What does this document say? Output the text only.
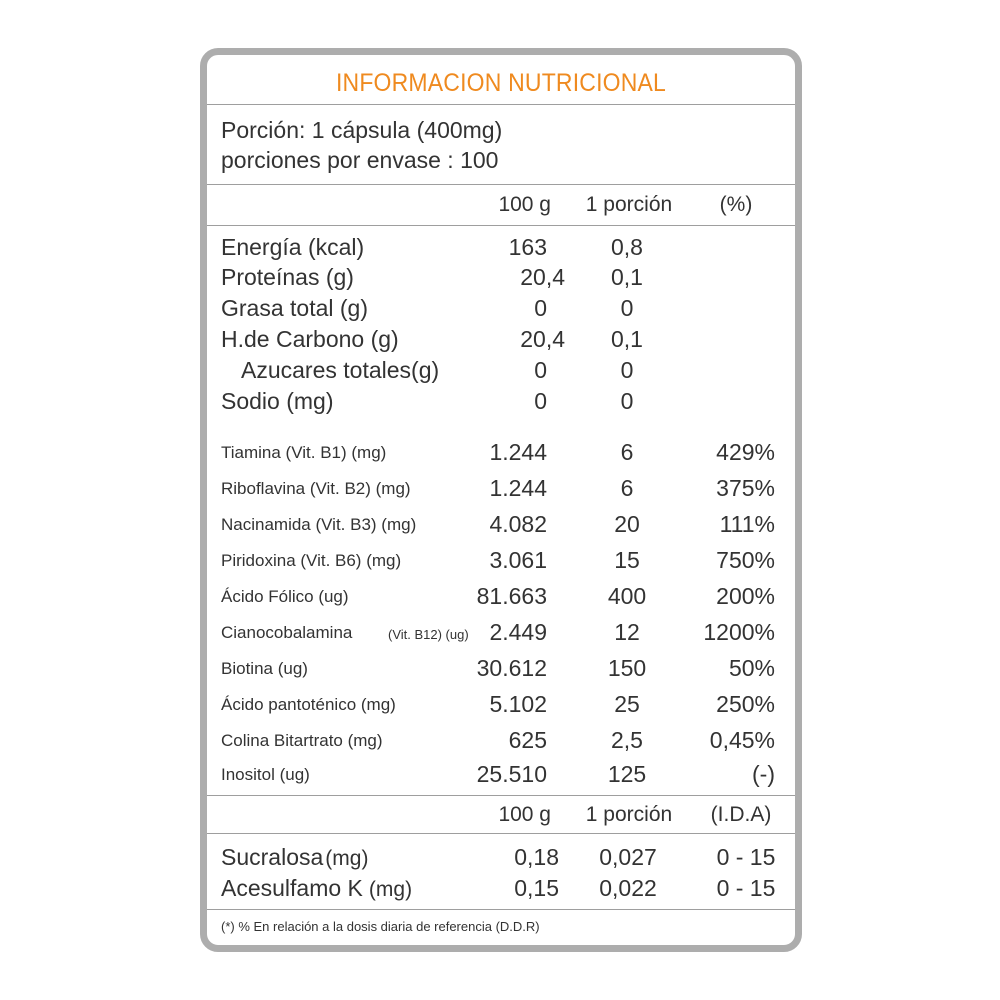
INFORMACION NUTRICIONAL
Porción: 1 cápsula (400mg)
porciones por envase : 100
100 g	1 porción	(%)
Energía (kcal)	163	0,8
Proteínas (g)	20,4	0,1
Grasa total (g)	0	0
H.de Carbono (g)	20,4	0,1
Azucares totales(g)	0	0
Sodio (mg)	0	0
Tiamina (Vit. B1) (mg)	1.244	6	429%
Riboflavina (Vit. B2) (mg)	1.244	6	375%
Nacinamida (Vit. B3) (mg)	4.082	20	111%
Piridoxina (Vit. B6) (mg)	3.061	15	750%
Ácido Fólico (ug)	81.663	400	200%
Cianocobalamina	(Vit. B12) (ug) 2.449	12	1200%
Biotina (ug)	30.612	150	50%
Ácido pantoténico (mg)	5.102	25	250%
Colina Bitartrato (mg)	625	2,5	0,45%
Inositol (ug)	25.510	125	(-)
100 g	1 porción	(I.D.A)
Sucralosa(mg)	0,18	0,027	0 - 15
Acesulfamo K (mg)	0,15	0,022	0 - 15
(*) % En relación a la dosis diaria de referencia (D.D.R)
